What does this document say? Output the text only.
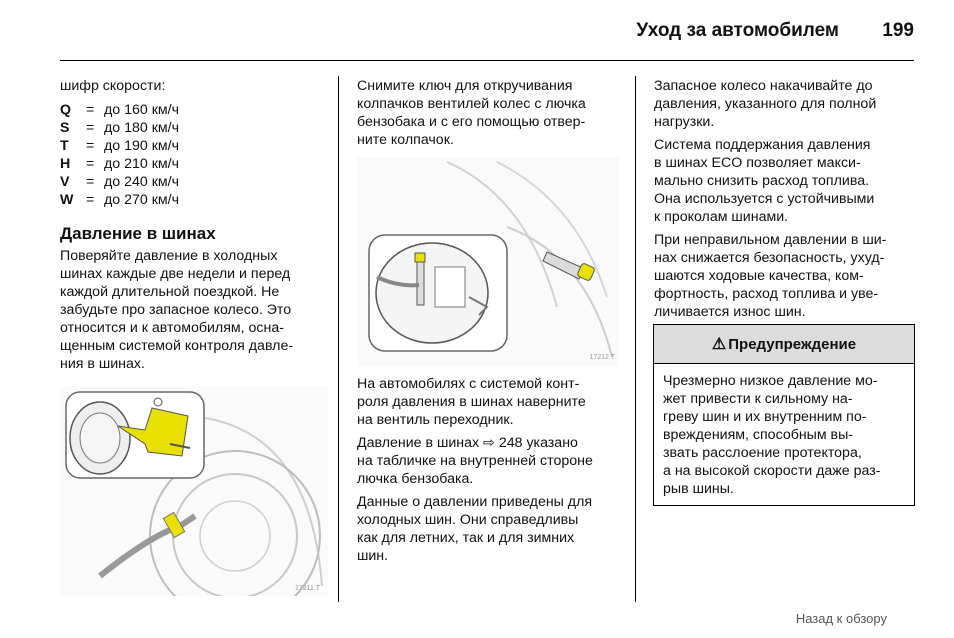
Уход за автомобилем 199
шифр скорости:
Q	=	до 160 км/ч
S	=	до 180 км/ч
T	=	до 190 км/ч
H	=	до 210 км/ч
V	=	до 240 км/ч
W	=	до 270 км/ч
Давление в шинах
Поверяйте давление в холодных
шинах каждые две недели и перед
каждой длительной поездкой. Не
забудьте про запасное колесо. Это
относится и к автомобилям, осна-
щенным системой контроля давле-
ния в шинах.
17211 T

Снимите ключ для откручивания
колпачков вентилей колес с лючка
бензобака и с его помощью отвер-
ните колпачок.

17212 T

На автомобилях с системой конт-
роля давления в шинах наверните
на вентиль переходник.

Давление в шинах ⇨ 248 указано
на табличке на внутренней стороне
лючка бензобака.

Данные о давлении приведены для
холодных шин. Они справедливы
как для летних, так и для зимних
шин.

Запасное колесо накачивайте до
давления, указанного для полной
нагрузки.

Система поддержания давления
в шинах ECO позволяет макси-
мально снизить расход топлива.
Она используется с устойчивыми
к проколам шинами.

При неправильном давлении в ши-
нах снижается безопасность, ухуд-
шаются ходовые качества, ком-
фортность, расход топлива и уве-
личивается износ шин.

⚠ Предупреждение
Чрезмерно низкое давление мо-
жет привести к сильному на-
греву шин и их внутренним по-
вреждениям, способным вы-
звать расслоение протектора,
а на высокой скорости даже раз-
рыв шины.
Назад к обзору
